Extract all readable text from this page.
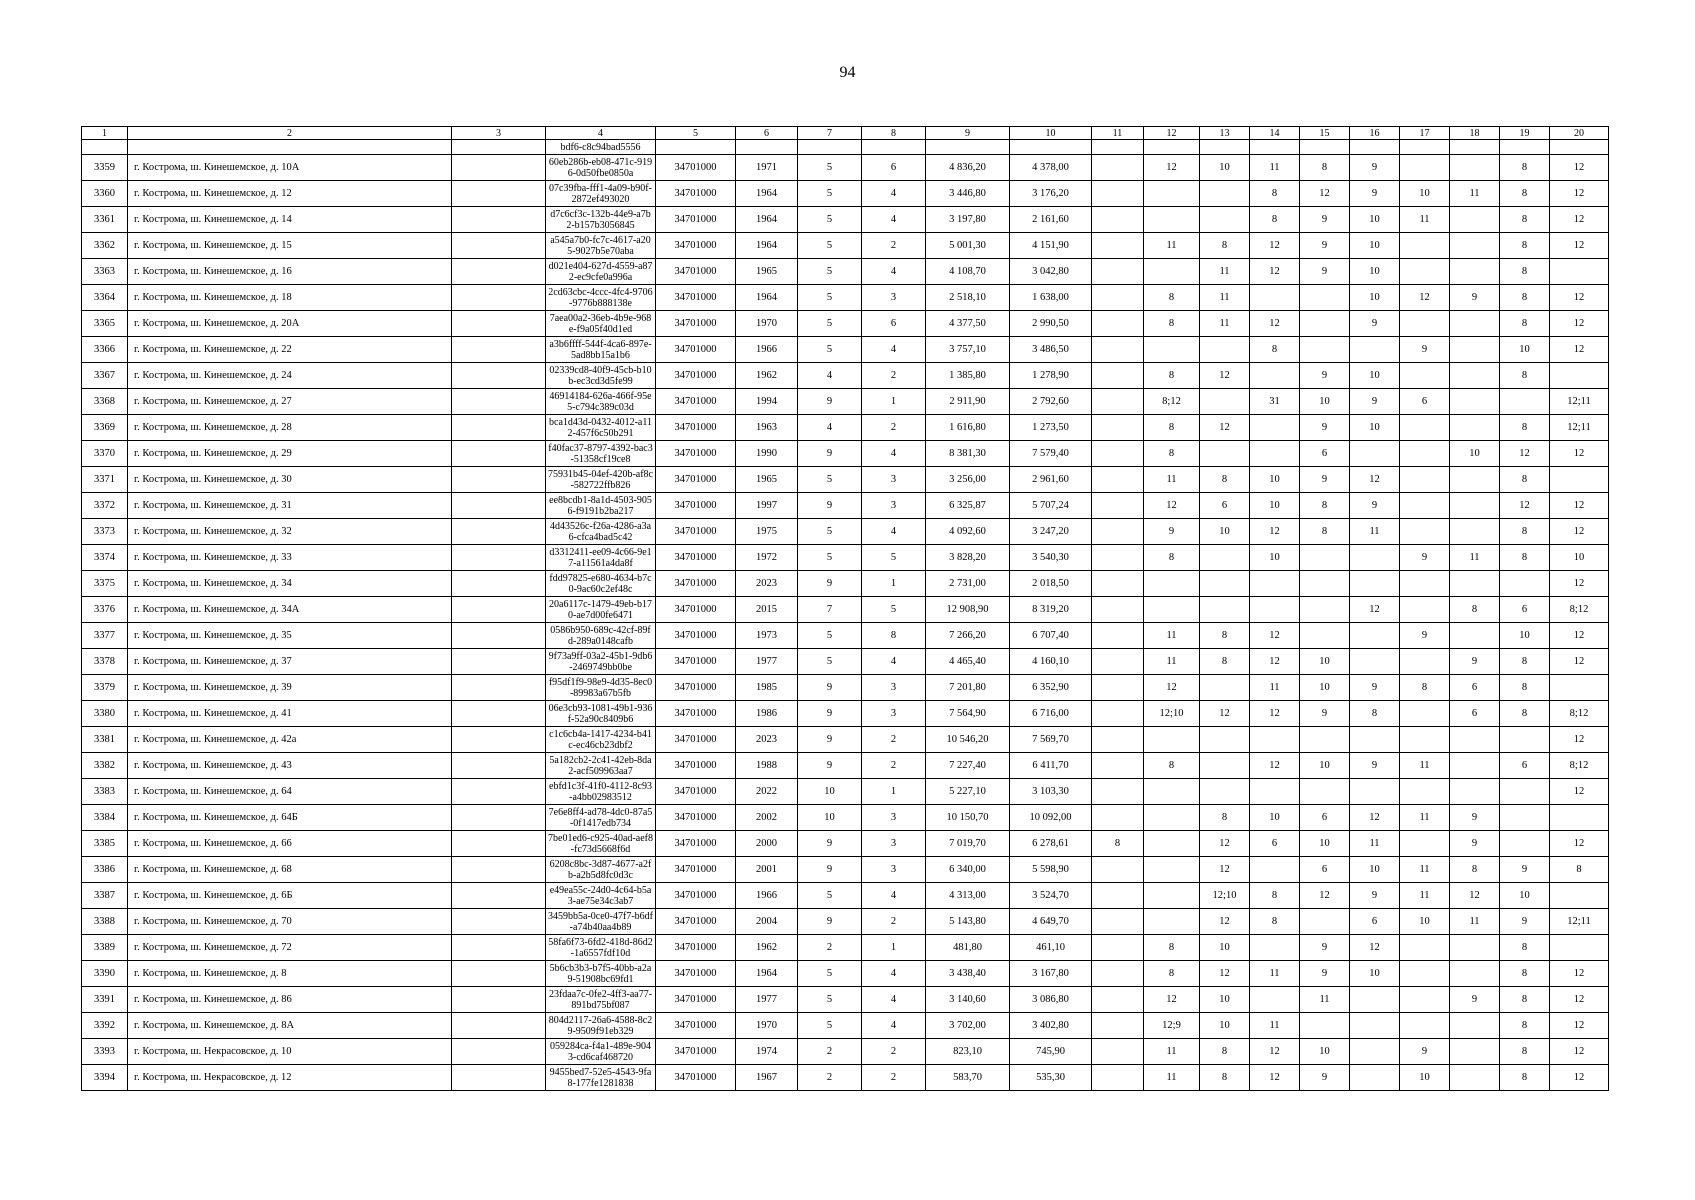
94
1	2	3	4	5	6	7	8	9	10	11	12	13	14	15	16	17	18	19	20
			bdf6-c8c94bad5556																
3359	г. Кострома, ш. Кинешемское, д. 10А		60eb286b-eb08-471c-9196-0d50fbe0850a	34701000	1971	5	6	4 836,20	4 378,00		12	10	11	8	9			8	12
3360	г. Кострома, ш. Кинешемское, д. 12		07c39fba-fff1-4a09-b90f-2872ef493020	34701000	1964	5	4	3 446,80	3 176,20				8	12	9	10	11	8	12
3361	г. Кострома, ш. Кинешемское, д. 14		d7c6cf3c-132b-44e9-a7b2-b157b3056845	34701000	1964	5	4	3 197,80	2 161,60				8	9	10	11		8	12
3362	г. Кострома, ш. Кинешемское, д. 15		a545a7b0-fc7c-4617-a205-9027b5e70aba	34701000	1964	5	2	5 001,30	4 151,90		11	8	12	9	10			8	12
3363	г. Кострома, ш. Кинешемское, д. 16		d021e404-627d-4559-a872-ec9cfe0a996a	34701000	1965	5	4	4 108,70	3 042,80			11	12	9	10			8	
3364	г. Кострома, ш. Кинешемское, д. 18		2cd63cbc-4ccc-4fc4-9706-9776b888138e	34701000	1964	5	3	2 518,10	1 638,00		8	11			10	12	9	8	12
3365	г. Кострома, ш. Кинешемское, д. 20А		7aea00a2-36eb-4b9e-968e-f9a05f40d1ed	34701000	1970	5	6	4 377,50	2 990,50		8	11	12		9			8	12
3366	г. Кострома, ш. Кинешемское, д. 22		a3b6ffff-544f-4ca6-897e-5ad8bb15a1b6	34701000	1966	5	4	3 757,10	3 486,50				8			9		10	12
3367	г. Кострома, ш. Кинешемское, д. 24		02339cd8-40f9-45cb-b10b-ec3cd3d5fe99	34701000	1962	4	2	1 385,80	1 278,90		8	12		9	10			8	
3368	г. Кострома, ш. Кинешемское, д. 27		46914184-626a-466f-95e5-c794c389c03d	34701000	1994	9	1	2 911,90	2 792,60		8;12		31	10	9	6			12;11
3369	г. Кострома, ш. Кинешемское, д. 28		bca1d43d-0432-4012-a112-457f6c50b291	34701000	1963	4	2	1 616,80	1 273,50		8	12		9	10			8	12;11
3370	г. Кострома, ш. Кинешемское, д. 29		f40fac37-8797-4392-bac3-51358cf19ce8	34701000	1990	9	4	8 381,30	7 579,40		8			6			10	12	12
3371	г. Кострома, ш. Кинешемское, д. 30		75931b45-04ef-420b-af8c-582722ffb826	34701000	1965	5	3	3 256,00	2 961,60		11	8	10	9	12			8	
3372	г. Кострома, ш. Кинешемское, д. 31		ee8bcdb1-8a1d-4503-9056-f9191b2ba217	34701000	1997	9	3	6 325,87	5 707,24		12	6	10	8	9			12	12
3373	г. Кострома, ш. Кинешемское, д. 32		4d43526c-f26a-4286-a3a6-cfca4bad5c42	34701000	1975	5	4	4 092,60	3 247,20		9	10	12	8	11			8	12
3374	г. Кострома, ш. Кинешемское, д. 33		d3312411-ee09-4c66-9e17-a11561a4da8f	34701000	1972	5	5	3 828,20	3 540,30		8		10			9	11	8	10
3375	г. Кострома, ш. Кинешемское, д. 34		fdd97825-e680-4634-b7c0-9ac60c2ef48c	34701000	2023	9	1	2 731,00	2 018,50										12
3376	г. Кострома, ш. Кинешемское, д. 34А		20a6117c-1479-49eb-b170-ae7d00fe6471	34701000	2015	7	5	12 908,90	8 319,20						12		8	6	8;12
3377	г. Кострома, ш. Кинешемское, д. 35		0586b950-689c-42cf-89fd-289a0148cafb	34701000	1973	5	8	7 266,20	6 707,40		11	8	12			9		10	12
3378	г. Кострома, ш. Кинешемское, д. 37		9f73a9ff-03a2-45b1-9db6-2469749bb0be	34701000	1977	5	4	4 465,40	4 160,10		11	8	12	10			9	8	12
3379	г. Кострома, ш. Кинешемское, д. 39		f95df1f9-98e9-4d35-8ec0-89983a67b5fb	34701000	1985	9	3	7 201,80	6 352,90		12		11	10	9	8	6	8	
3380	г. Кострома, ш. Кинешемское, д. 41		06e3cb93-1081-49b1-936f-52a90c8409b6	34701000	1986	9	3	7 564,90	6 716,00		12;10	12	12	9	8		6	8	8;12
3381	г. Кострома, ш. Кинешемское, д. 42а		c1c6cb4a-1417-4234-b41c-ec46cb23dbf2	34701000	2023	9	2	10 546,20	7 569,70										12
3382	г. Кострома, ш. Кинешемское, д. 43		5a182cb2-2c41-42eb-8da2-acf509963aa7	34701000	1988	9	2	7 227,40	6 411,70		8		12	10	9	11		6	8;12
3383	г. Кострома, ш. Кинешемское, д. 64		ebfd1c3f-41f0-4112-8c93-a4bb02983512	34701000	2022	10	1	5 227,10	3 103,30										12
3384	г. Кострома, ш. Кинешемское, д. 64Б		7e6e8ff4-ad78-4dc0-87a5-0f1417edb734	34701000	2002	10	3	10 150,70	10 092,00			8	10	6	12	11	9		
3385	г. Кострома, ш. Кинешемское, д. 66		7be01ed6-c925-40ad-aef8-fc73d5668f6d	34701000	2000	9	3	7 019,70	6 278,61	8		12	6	10	11		9		12
3386	г. Кострома, ш. Кинешемское, д. 68		6208c8bc-3d87-4677-a2fb-a2b5d8fc0d3c	34701000	2001	9	3	6 340,00	5 598,90			12		6	10	11	8	9	8
3387	г. Кострома, ш. Кинешемское, д. 6Б		e49ea55c-24d0-4c64-b5a3-ae75e34c3ab7	34701000	1966	5	4	4 313,00	3 524,70			12;10	8	12	9	11	12	10	
3388	г. Кострома, ш. Кинешемское, д. 70		3459bb5a-0ce0-47f7-b6df-a74b40aa4b89	34701000	2004	9	2	5 143,80	4 649,70			12	8		6	10	11	9	12;11
3389	г. Кострома, ш. Кинешемское, д. 72		58fa6f73-6fd2-418d-86d2-1a6557fdf10d	34701000	1962	2	1	481,80	461,10		8	10		9	12			8	
3390	г. Кострома, ш. Кинешемское, д. 8		5b6cb3b3-b7f5-40bb-a2a9-51908bc69fd1	34701000	1964	5	4	3 438,40	3 167,80		8	12	11	9	10			8	12
3391	г. Кострома, ш. Кинешемское, д. 86		23fdaa7c-0fe2-4ff3-aa77-891bd75bf087	34701000	1977	5	4	3 140,60	3 086,80		12	10		11			9	8	12
3392	г. Кострома, ш. Кинешемское, д. 8А		804d2117-26a6-4588-8c29-9509f91eb329	34701000	1970	5	4	3 702,00	3 402,80		12;9	10	11					8	12
3393	г. Кострома, ш. Некрасовское, д. 10		059284ca-f4a1-489e-9043-cd6caf468720	34701000	1974	2	2	823,10	745,90		11	8	12	10		9		8	12
3394	г. Кострома, ш. Некрасовское, д. 12		9455bed7-52e5-4543-9fa8-177fe1281838	34701000	1967	2	2	583,70	535,30		11	8	12	9		10		8	12
